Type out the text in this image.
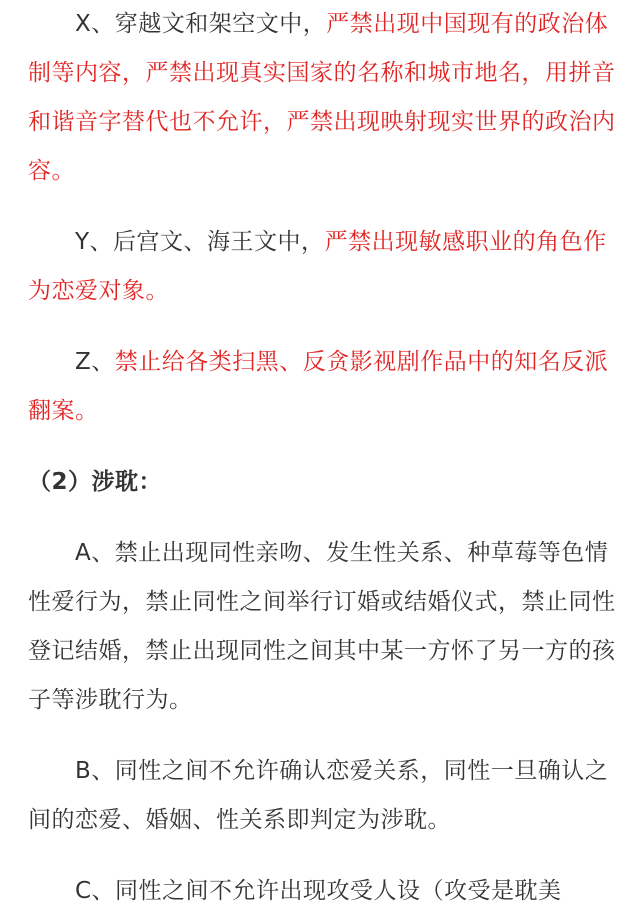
X、穿越文和架空文中，严禁出现中国现有的政治体制等内容，严禁出现真实国家的名称和城市地名，用拼音和谐音字替代也不允许，严禁出现映射现实世界的政治内容。

Y、后宫文、海王文中，严禁出现敏感职业的角色作为恋爱对象。

Z、禁止给各类扫黑、反贪影视剧作品中的知名反派翻案。

（2）涉耽：

A、禁止出现同性亲吻、发生性关系、种草莓等色情性爱行为，禁止同性之间举行订婚或结婚仪式，禁止同性登记结婚，禁止出现同性之间其中某一方怀了另一方的孩子等涉耽行为。

B、同性之间不允许确认恋爱关系，同性一旦确认之间的恋爱、婚姻、性关系即判定为涉耽。

C、同性之间不允许出现攻受人设（攻受是耽美
